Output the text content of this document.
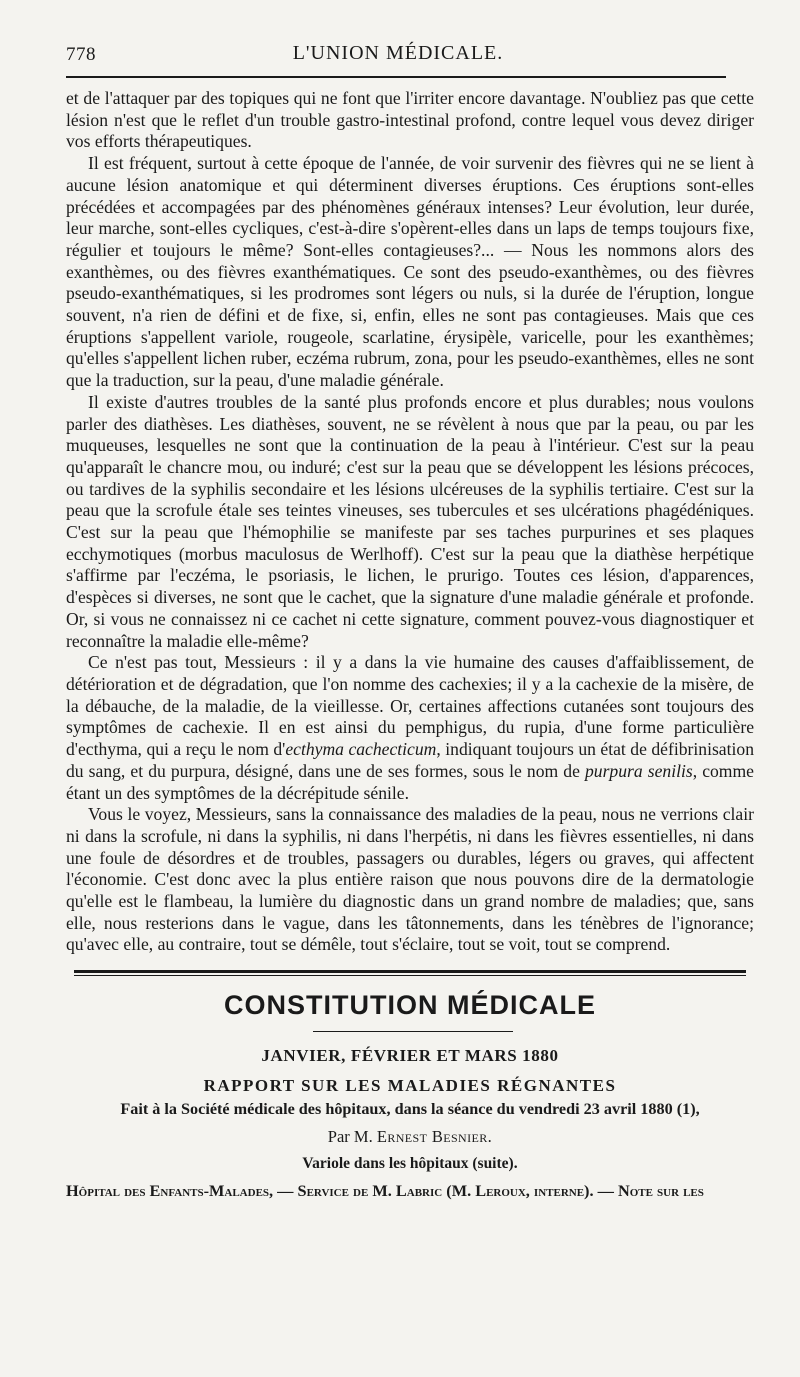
778	L'UNION MÉDICALE.

et de l'attaquer par des topiques qui ne font que l'irriter encore davantage. N'oubliez pas que cette lésion n'est que le reflet d'un trouble gastro-intestinal profond, contre lequel vous devez diriger vos efforts thérapeutiques.

Il est fréquent, surtout à cette époque de l'année, de voir survenir des fièvres qui ne se lient à aucune lésion anatomique et qui déterminent diverses éruptions. Ces éruptions sont-elles précédées et accompagées par des phénomènes généraux intenses? Leur évolution, leur durée, leur marche, sont-elles cycliques, c'est-à-dire s'opèrent-elles dans un laps de temps toujours fixe, régulier et toujours le même? Sont-elles contagieuses?... — Nous les nommons alors des exanthèmes, ou des fièvres exanthématiques. Ce sont des pseudo-exanthèmes, ou des fièvres pseudo-exanthématiques, si les prodromes sont légers ou nuls, si la durée de l'éruption, longue souvent, n'a rien de défini et de fixe, si, enfin, elles ne sont pas contagieuses. Mais que ces éruptions s'appellent variole, rougeole, scarlatine, érysipèle, varicelle, pour les exanthèmes; qu'elles s'appellent lichen ruber, eczéma rubrum, zona, pour les pseudo-exanthèmes, elles ne sont que la traduction, sur la peau, d'une maladie générale.

Il existe d'autres troubles de la santé plus profonds encore et plus durables; nous voulons parler des diathèses. Les diathèses, souvent, ne se révèlent à nous que par la peau, ou par les muqueuses, lesquelles ne sont que la continuation de la peau à l'intérieur. C'est sur la peau qu'apparaît le chancre mou, ou induré; c'est sur la peau que se développent les lésions précoces, ou tardives de la syphilis secondaire et les lésions ulcéreuses de la syphilis tertiaire. C'est sur la peau que la scrofule étale ses teintes vineuses, ses tubercules et ses ulcérations phagédéniques. C'est sur la peau que l'hémophilie se manifeste par ses taches purpurines et ses plaques ecchymotiques (morbus maculosus de Werlhoff). C'est sur la peau que la diathèse herpétique s'affirme par l'eczéma, le psoriasis, le lichen, le prurigo. Toutes ces lésion, d'apparences, d'espèces si diverses, ne sont que le cachet, que la signature d'une maladie générale et profonde. Or, si vous ne connaissez ni ce cachet ni cette signature, comment pouvez-vous diagnostiquer et reconnaître la maladie elle-même?

Ce n'est pas tout, Messieurs : il y a dans la vie humaine des causes d'affaiblissement, de détérioration et de dégradation, que l'on nomme des cachexies; il y a la cachexie de la misère, de la débauche, de la maladie, de la vieillesse. Or, certaines affections cutanées sont toujours des symptômes de cachexie. Il en est ainsi du pemphigus, du rupia, d'une forme particulière d'ecthyma, qui a reçu le nom d'ecthyma cachecticum, indiquant toujours un état de défibrinisation du sang, et du purpura, désigné, dans une de ses formes, sous le nom de purpura senilis, comme étant un des symptômes de la décrépitude sénile.

Vous le voyez, Messieurs, sans la connaissance des maladies de la peau, nous ne verrions clair ni dans la scrofule, ni dans la syphilis, ni dans l'herpétis, ni dans les fièvres essentielles, ni dans une foule de désordres et de troubles, passagers ou durables, légers ou graves, qui affectent l'économie. C'est donc avec la plus entière raison que nous pouvons dire de la dermatologie qu'elle est le flambeau, la lumière du diagnostic dans un grand nombre de maladies; que, sans elle, nous resterions dans le vague, dans les tâtonnements, dans les ténèbres de l'ignorance; qu'avec elle, au contraire, tout se démêle, tout s'éclaire, tout se voit, tout se comprend.

CONSTITUTION MÉDICALE
JANVIER, FÉVRIER ET MARS 1880
RAPPORT SUR LES MALADIES RÉGNANTES
Fait à la Société médicale des hôpitaux, dans la séance du vendredi 23 avril 1880 (1),
Par M. Ernest Besnier.
Variole dans les hôpitaux (suite).
Hôpital des Enfants-Malades, — Service de M. Labric (M. Leroux, interne). — Note sur les
